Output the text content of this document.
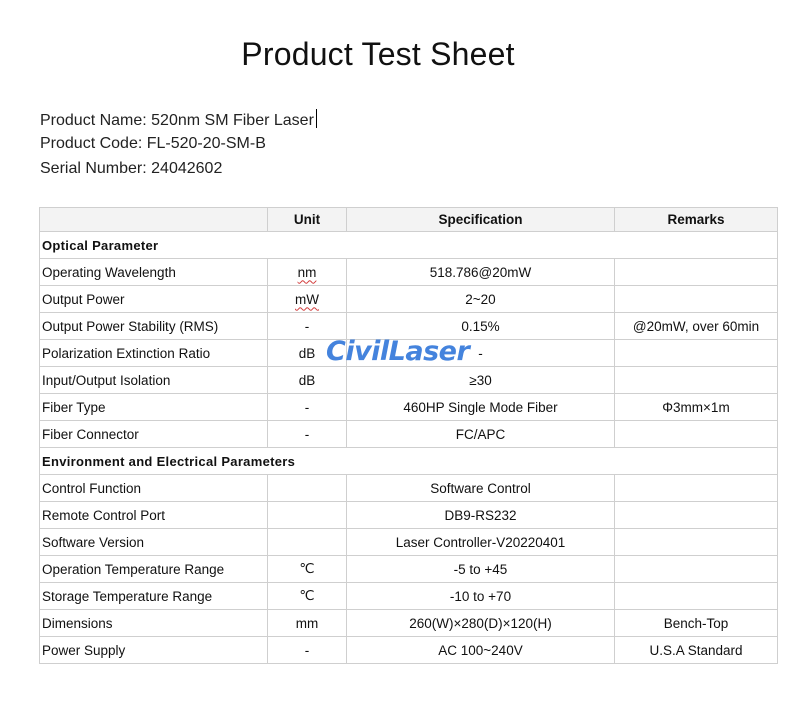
Product Test Sheet
Product Name: 520nm SM Fiber Laser
Product Code: FL-520-20-SM-B
Serial Number: 24042602
	Unit	Specification	Remarks
Optical Parameter			
Operating Wavelength	nm	518.786@20mW	
Output Power	mW	2~20	
Output Power Stability (RMS)	-	0.15%	@20mW, over 60min
Polarization Extinction Ratio	dB	-	
Input/Output Isolation	dB	≥30	
Fiber Type	-	460HP Single Mode Fiber	Φ3mm×1m
Fiber Connector	-	FC/APC	
Environment and Electrical Parameters			
Control Function		Software Control	
Remote Control Port		DB9-RS232	
Software Version		Laser Controller-V20220401	
Operation Temperature Range	℃	-5 to +45	
Storage Temperature Range	℃	-10 to +70	
Dimensions	mm	260(W)×280(D)×120(H)	Bench-Top
Power Supply	-	AC 100~240V	U.S.A Standard
CivilLaser
